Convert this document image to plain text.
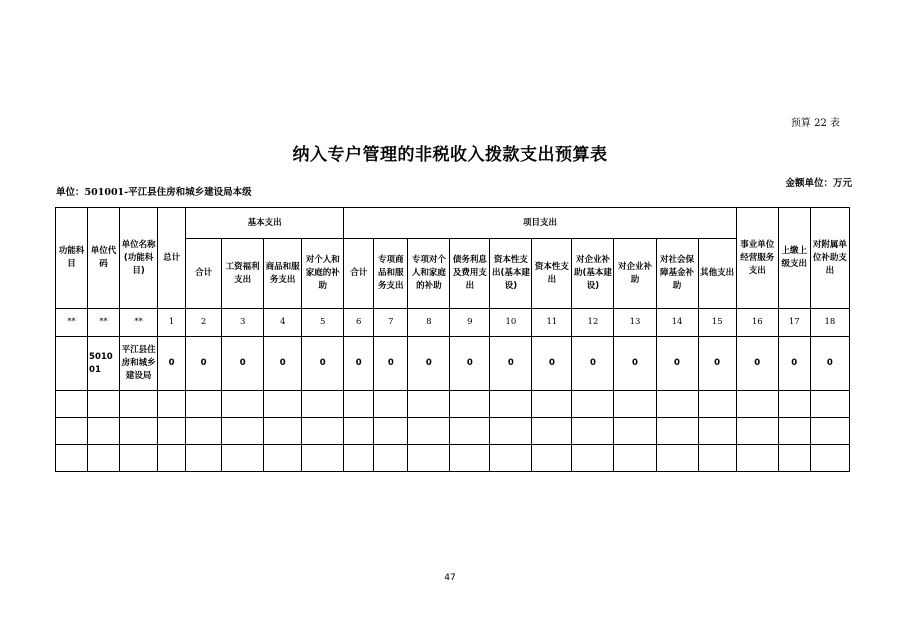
预算 22 表
纳入专户管理的非税收入拨款支出预算表
单位：501001-平江县住房和城乡建设局本级
金额单位：万元
功能科目	单位代码	单位名称(功能科目)	总计	基本支出				项目支出										事业单位经营服务支出	上缴上级支出	对附属单位补助支出
				合计	工资福利支出	商品和服务支出	对个人和家庭的补助	合计	专项商品和服务支出	专项对个人和家庭的补助	债务利息及费用支出	资本性支出(基本建设)	资本性支出	对企业补助(基本建设)	对企业补助	对社会保障基金补助	其他支出			
**	**	**	1	2	3	4	5	6	7	8	9	10	11	12	13	14	15	16	17	18
	501001	平江县住房和城乡建设局	0	0	0	0	0	0	0	0	0	0	0	0	0	0	0	0	0	0

47
